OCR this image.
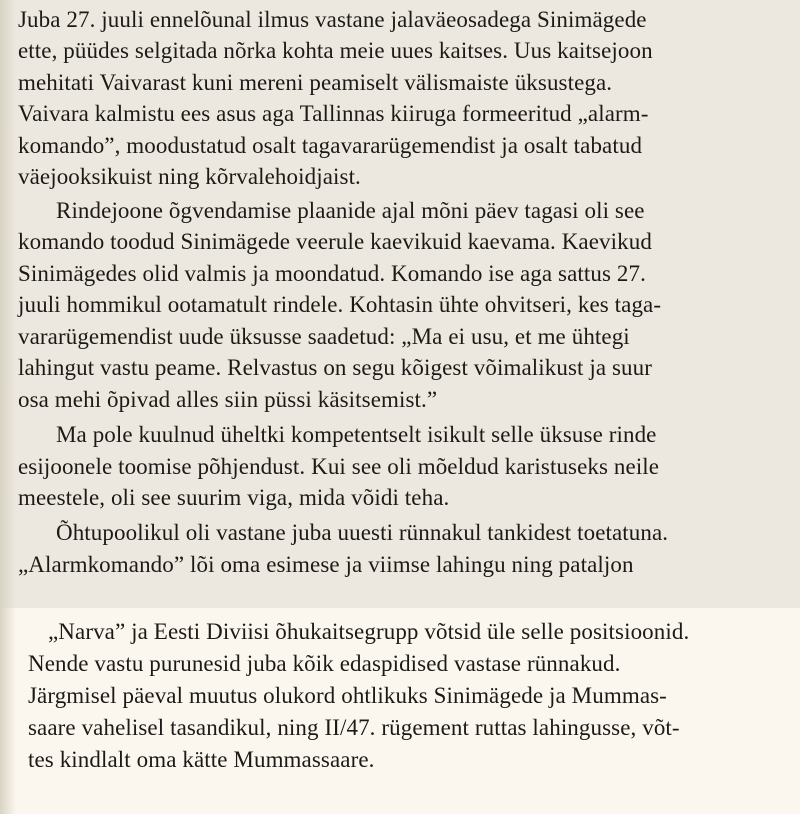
Juba 27. juuli ennelõunal ilmus vastane jalaväeosadega Sinimägede
ette, püüdes selgitada nõrka kohta meie uues kaitses. Uus kaitsejoon
mehitati Vaivarast kuni mereni peamiselt välismaiste üksustega.
Vaivara kalmistu ees asus aga Tallinnas kiiruga formeeritud „alarm-
komando”, moodustatud osalt tagavararügemendist ja osalt tabatud
väejooksikuist ning kõrvalehoidjaist.
Rindejoone õgvendamise plaanide ajal mõni päev tagasi oli see
komando toodud Sinimägede veerule kaevikuid kaevama. Kaevikud
Sinimägedes olid valmis ja moondatud. Komando ise aga sattus 27.
juuli hommikul ootamatult rindele. Kohtasin ühte ohvitseri, kes taga-
vararügemendist uude üksusse saadetud: „Ma ei usu, et me ühtegi
lahingut vastu peame. Relvastus on segu kõigest võimalikust ja suur
osa mehi õpivad alles siin püssi käsitsemist.”
Ma pole kuulnud üheltki kompetentselt isikult selle üksuse rinde
esijoonele toomise põhjendust. Kui see oli mõeldud karistuseks neile
meestele, oli see suurim viga, mida võidi teha.
Õhtupoolikul oli vastane juba uuesti rünnakul tankidest toetatuna.
„Alarmkomando” lõi oma esimese ja viimse lahingu ning pataljon
„Narva” ja Eesti Diviisi õhukaitsegrupp võtsid üle selle positsioonid.
Nende vastu purunesid juba kõik edaspidised vastase rünnakud.
Järgmisel päeval muutus olukord ohtlikuks Sinimägede ja Mummas-
saare vahelisel tasandikul, ning II/47. rügement ruttas lahingusse, võt-
tes kindlalt oma kätte Mummassaare.
